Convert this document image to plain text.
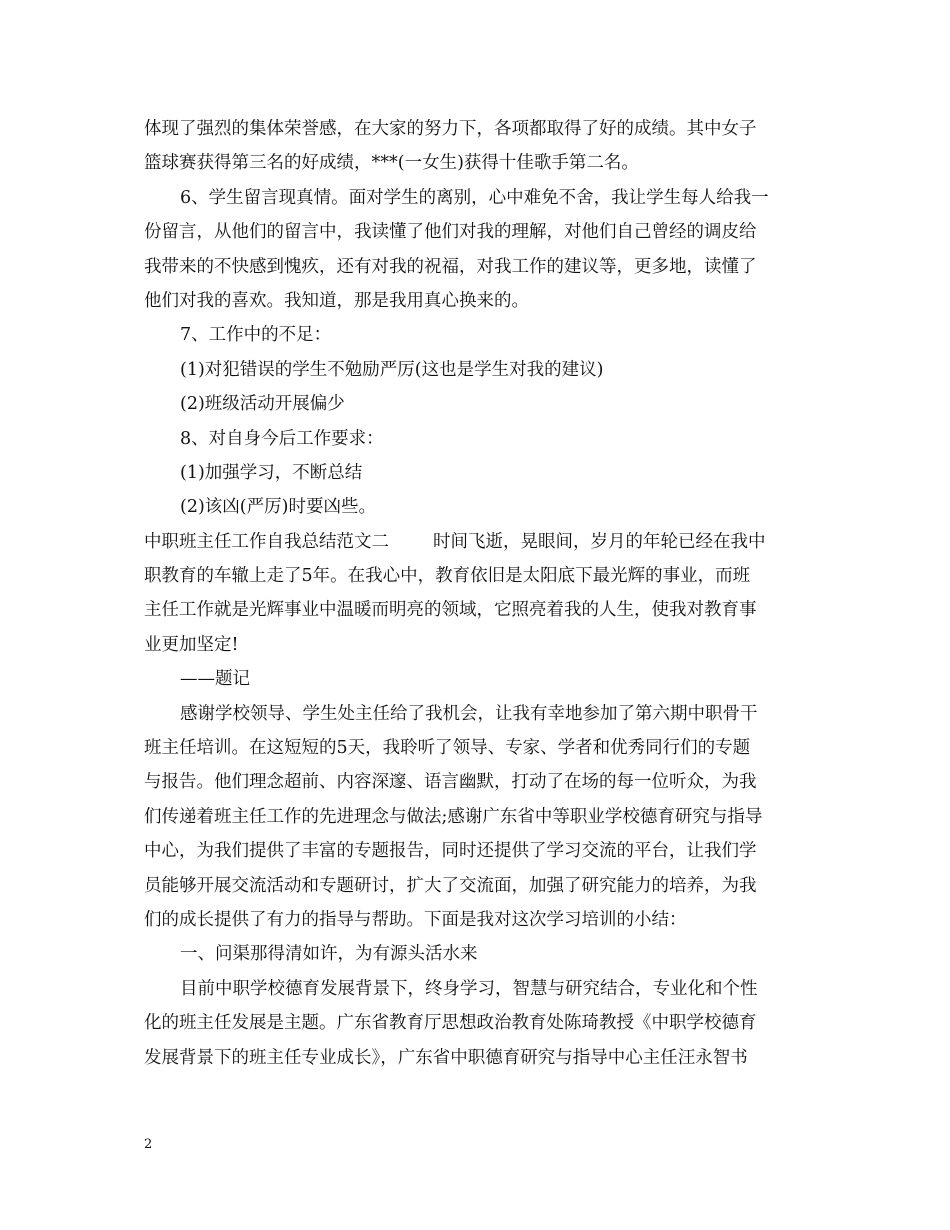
体现了强烈的集体荣誉感，在大家的努力下，各项都取得了好的成绩。其中女子
篮球赛获得第三名的好成绩，***(一女生)获得十佳歌手第二名。
6、学生留言现真情。面对学生的离别，心中难免不舍，我让学生每人给我一
份留言，从他们的留言中，我读懂了他们对我的理解，对他们自己曾经的调皮给
我带来的不快感到愧疚，还有对我的祝福，对我工作的建议等，更多地，读懂了
他们对我的喜欢。我知道，那是我用真心换来的。
7、工作中的不足：
(1)对犯错误的学生不勉励严厉(这也是学生对我的建议)
(2)班级活动开展偏少
8、对自身今后工作要求：
(1)加强学习，不断总结
(2)该凶(严厉)时要凶些。
中职班主任工作自我总结范文二	时间飞逝，晃眼间，岁月的年轮已经在我中
职教育的车辙上走了5年。在我心中，教育依旧是太阳底下最光辉的事业，而班
主任工作就是光辉事业中温暖而明亮的领域，它照亮着我的人生，使我对教育事
业更加坚定!
——题记
感谢学校领导、学生处主任给了我机会，让我有幸地参加了第六期中职骨干
班主任培训。在这短短的5天，我聆听了领导、专家、学者和优秀同行们的专题
与报告。他们理念超前、内容深邃、语言幽默，打动了在场的每一位听众，为我
们传递着班主任工作的先进理念与做法;感谢广东省中等职业学校德育研究与指导
中心，为我们提供了丰富的专题报告，同时还提供了学习交流的平台，让我们学
员能够开展交流活动和专题研讨，扩大了交流面，加强了研究能力的培养，为我
们的成长提供了有力的指导与帮助。下面是我对这次学习培训的小结：
一、问渠那得清如许，为有源头活水来
目前中职学校德育发展背景下，终身学习，智慧与研究结合，专业化和个性
化的班主任发展是主题。广东省教育厅思想政治教育处陈琦教授《中职学校德育
发展背景下的班主任专业成长》，广东省中职德育研究与指导中心主任汪永智书
2
